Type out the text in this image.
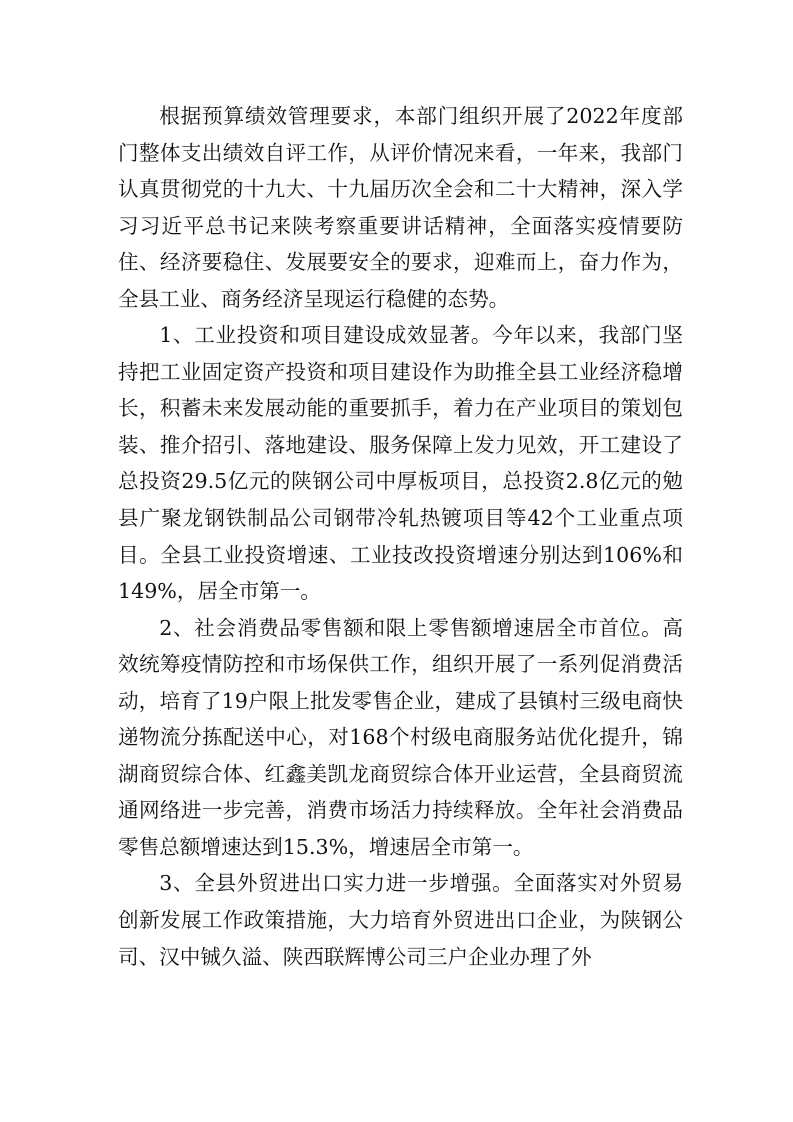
根据预算绩效管理要求，本部门组织开展了2022年度部门整体支出绩效自评工作，从评价情况来看，一年来，我部门认真贯彻党的十九大、十九届历次全会和二十大精神，深入学习习近平总书记来陕考察重要讲话精神，全面落实疫情要防住、经济要稳住、发展要安全的要求，迎难而上，奋力作为，全县工业、商务经济呈现运行稳健的态势。

1、工业投资和项目建设成效显著。今年以来，我部门坚持把工业固定资产投资和项目建设作为助推全县工业经济稳增长，积蓄未来发展动能的重要抓手，着力在产业项目的策划包装、推介招引、落地建设、服务保障上发力见效，开工建设了总投资29.5亿元的陕钢公司中厚板项目，总投资2.8亿元的勉县广聚龙钢铁制品公司钢带冷轧热镀项目等42个工业重点项目。全县工业投资增速、工业技改投资增速分别达到106%和149%，居全市第一。

2、社会消费品零售额和限上零售额增速居全市首位。高效统筹疫情防控和市场保供工作，组织开展了一系列促消费活动，培育了19户限上批发零售企业，建成了县镇村三级电商快递物流分拣配送中心，对168个村级电商服务站优化提升，锦湖商贸综合体、红鑫美凯龙商贸综合体开业运营，全县商贸流通网络进一步完善，消费市场活力持续释放。全年社会消费品零售总额增速达到15.3%，增速居全市第一。

3、全县外贸进出口实力进一步增强。全面落实对外贸易创新发展工作政策措施，大力培育外贸进出口企业，为陕钢公司、汉中铖久溢、陕西联辉博公司三户企业办理了外
